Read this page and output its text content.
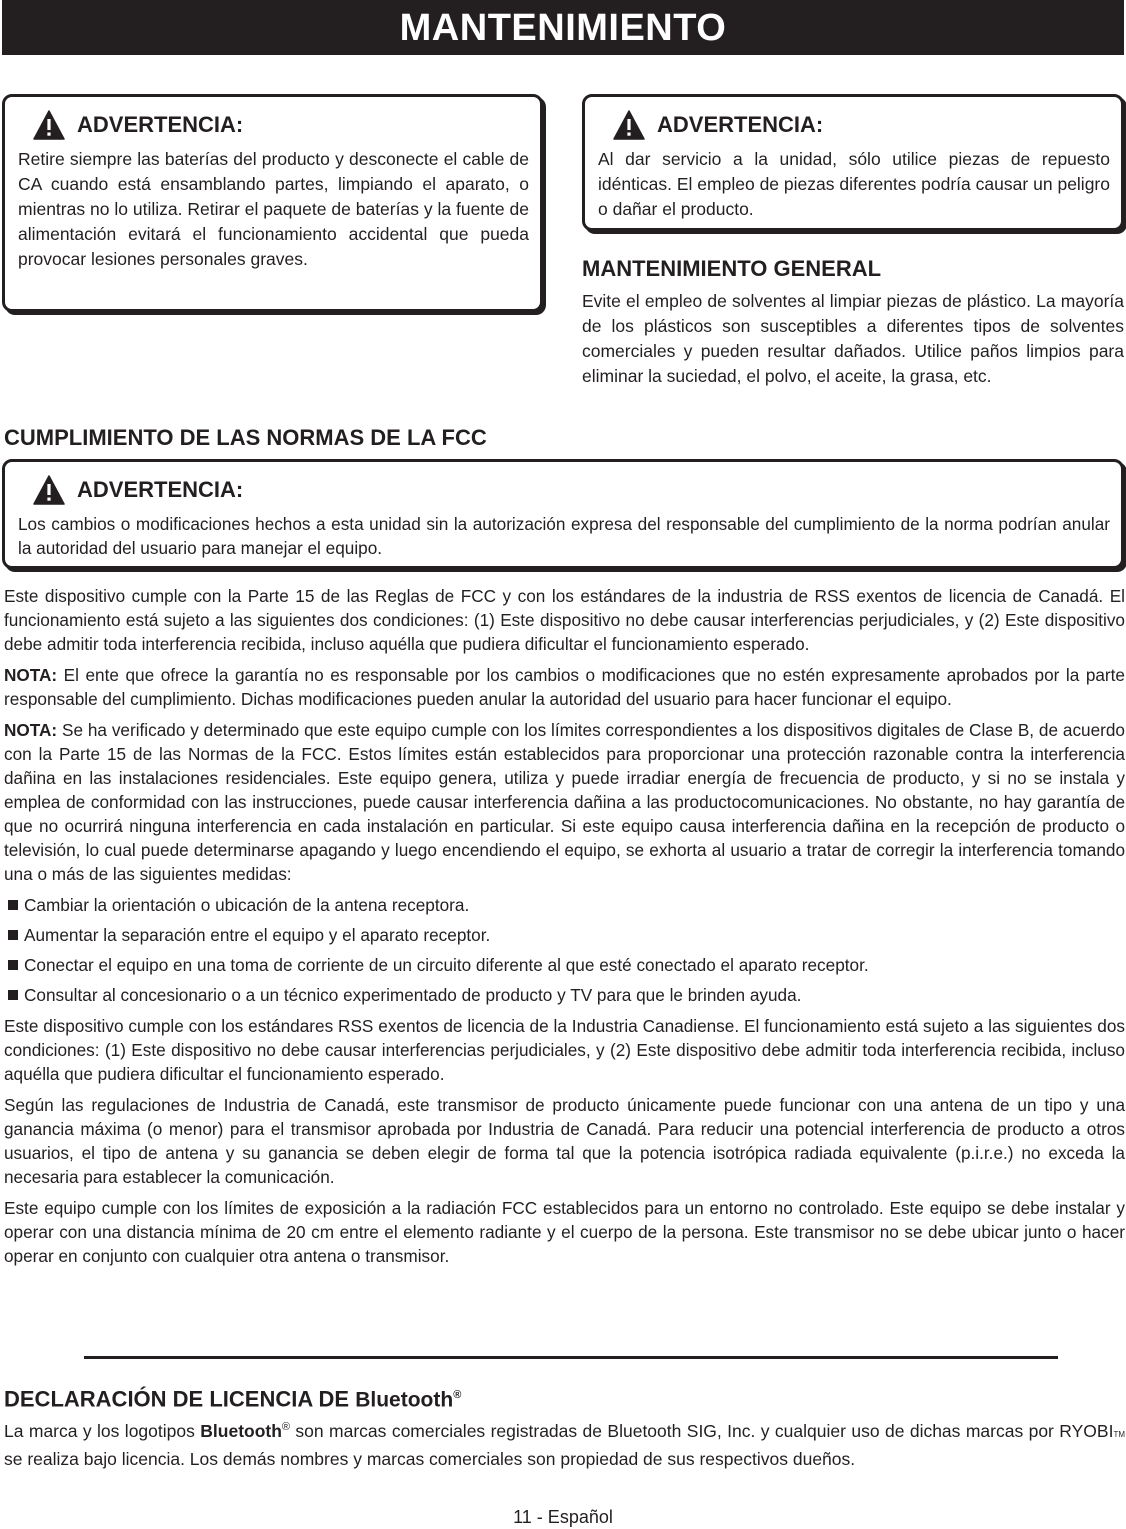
MANTENIMIENTO
ADVERTENCIA:
Retire siempre las baterías del producto y desconecte el cable de CA cuando está ensamblando partes, limpiando el aparato, o mientras no lo utiliza. Retirar el paquete de baterías y la fuente de alimentación evitará el funcionamiento accidental que pueda provocar lesiones personales graves.
ADVERTENCIA:
Al dar servicio a la unidad, sólo utilice piezas de repuesto idénticas. El empleo de piezas diferentes podría causar un peligro o dañar el producto.
MANTENIMIENTO GENERAL
Evite el empleo de solventes al limpiar piezas de plástico. La mayoría de los plásticos son susceptibles a diferentes tipos de solventes comerciales y pueden resultar dañados. Utilice paños limpios para eliminar la suciedad, el polvo, el aceite, la grasa, etc.
CUMPLIMIENTO DE LAS NORMAS DE LA FCC
ADVERTENCIA:
Los cambios o modificaciones hechos a esta unidad sin la autorización expresa del responsable del cumplimiento de la norma podrían anular la autoridad del usuario para manejar el equipo.

Este dispositivo cumple con la Parte 15 de las Reglas de FCC y con los estándares de la industria de RSS exentos de licencia de Canadá. El funcionamiento está sujeto a las siguientes dos condiciones: (1) Este dispositivo no debe causar interferencias perjudiciales, y (2) Este dispositivo debe admitir toda interferencia recibida, incluso aquélla que pudiera dificultar el funcionamiento esperado.

NOTA: El ente que ofrece la garantía no es responsable por los cambios o modificaciones que no estén expresamente aprobados por la parte responsable del cumplimiento. Dichas modificaciones pueden anular la autoridad del usuario para hacer funcionar el equipo.

NOTA: Se ha verificado y determinado que este equipo cumple con los límites correspondientes a los dispositivos digitales de Clase B, de acuerdo con la Parte 15 de las Normas de la FCC. Estos límites están establecidos para proporcionar una protección razonable contra la interferencia dañina en las instalaciones residenciales. Este equipo genera, utiliza y puede irradiar energía de frecuencia de producto, y si no se instala y emplea de conformidad con las instrucciones, puede causar interferencia dañina a las productocomunicaciones. No obstante, no hay garantía de que no ocurrirá ninguna interferencia en cada instalación en particular. Si este equipo causa interferencia dañina en la recepción de producto o televisión, lo cual puede determinarse apagando y luego encendiendo el equipo, se exhorta al usuario a tratar de corregir la interferencia tomando una o más de las siguientes medidas:

Cambiar la orientación o ubicación de la antena receptora.
Aumentar la separación entre el equipo y el aparato receptor.
Conectar el equipo en una toma de corriente de un circuito diferente al que esté conectado el aparato receptor.
Consultar al concesionario o a un técnico experimentado de producto y TV para que le brinden ayuda.

Este dispositivo cumple con los estándares RSS exentos de licencia de la Industria Canadiense. El funcionamiento está sujeto a las siguientes dos condiciones: (1) Este dispositivo no debe causar interferencias perjudiciales, y (2) Este dispositivo debe admitir toda interferencia recibida, incluso aquélla que pudiera dificultar el funcionamiento esperado.

Según las regulaciones de Industria de Canadá, este transmisor de producto únicamente puede funcionar con una antena de un tipo y una ganancia máxima (o menor) para el transmisor aprobada por Industria de Canadá. Para reducir una potencial interferencia de producto a otros usuarios, el tipo de antena y su ganancia se deben elegir de forma tal que la potencia isotrópica radiada equivalente (p.i.r.e.) no exceda la necesaria para establecer la comunicación.

Este equipo cumple con los límites de exposición a la radiación FCC establecidos para un entorno no controlado. Este equipo se debe instalar y operar con una distancia mínima de 20 cm entre el elemento radiante y el cuerpo de la persona. Este transmisor no se debe ubicar junto o hacer operar en conjunto con cualquier otra antena o transmisor.

DECLARACIÓN DE LICENCIA DE Bluetooth®
La marca y los logotipos Bluetooth® son marcas comerciales registradas de Bluetooth SIG, Inc. y cualquier uso de dichas marcas por RYOBITM se realiza bajo licencia. Los demás nombres y marcas comerciales son propiedad de sus respectivos dueños.
11 - Español
